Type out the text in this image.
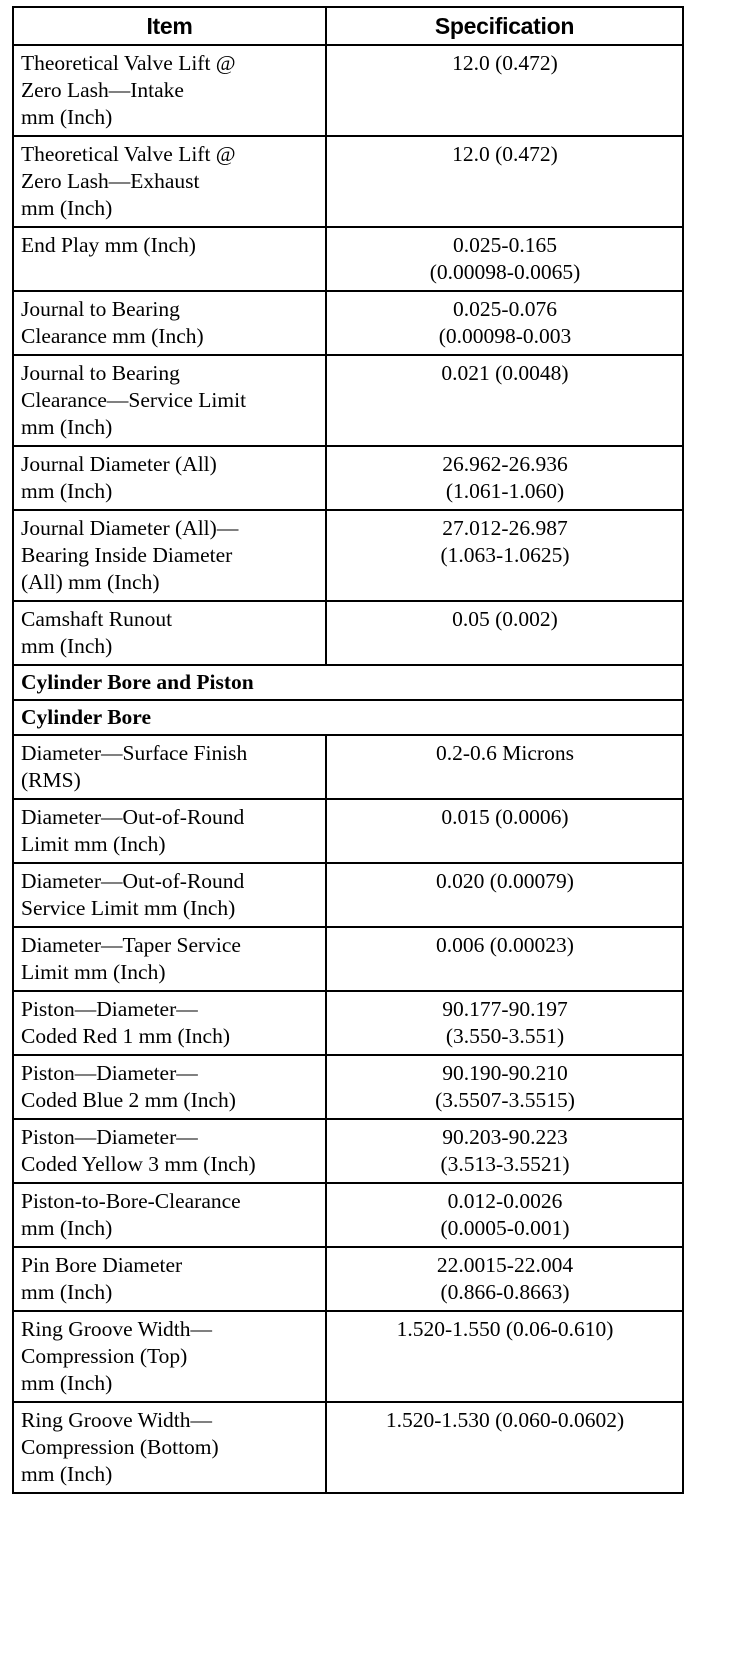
Item	Specification
Theoretical Valve Lift @
Zero Lash—Intake
mm (Inch)	12.0 (0.472)
Theoretical Valve Lift @
Zero Lash—Exhaust
mm (Inch)	12.0 (0.472)
End Play mm (Inch)	0.025-0.165
(0.00098-0.0065)
Journal to Bearing
Clearance mm (Inch)	0.025-0.076
(0.00098-0.003
Journal to Bearing
Clearance—Service Limit
mm (Inch)	0.021 (0.0048)
Journal Diameter (All)
mm (Inch)	26.962-26.936
(1.061-1.060)
Journal Diameter (All)—
Bearing Inside Diameter
(All) mm (Inch)	27.012-26.987
(1.063-1.0625)
Camshaft Runout
mm (Inch)	0.05 (0.002)
Cylinder Bore and Piston	
Cylinder Bore	
Diameter—Surface Finish
(RMS)	0.2-0.6 Microns
Diameter—Out-of-Round
Limit mm (Inch)	0.015 (0.0006)
Diameter—Out-of-Round
Service Limit mm (Inch)	0.020 (0.00079)
Diameter—Taper Service
Limit mm (Inch)	0.006 (0.00023)
Piston—Diameter—
Coded Red 1 mm (Inch)	90.177-90.197
(3.550-3.551)
Piston—Diameter—
Coded Blue 2 mm (Inch)	90.190-90.210
(3.5507-3.5515)
Piston—Diameter—
Coded Yellow 3 mm (Inch)	90.203-90.223
(3.513-3.5521)
Piston-to-Bore-Clearance
mm (Inch)	0.012-0.0026
(0.0005-0.001)
Pin Bore Diameter
mm (Inch)	22.0015-22.004
(0.866-0.8663)
Ring Groove Width—
Compression (Top)
mm (Inch)	1.520-1.550 (0.06-0.610)
Ring Groove Width—
Compression (Bottom)
mm (Inch)	1.520-1.530 (0.060-0.0602)
